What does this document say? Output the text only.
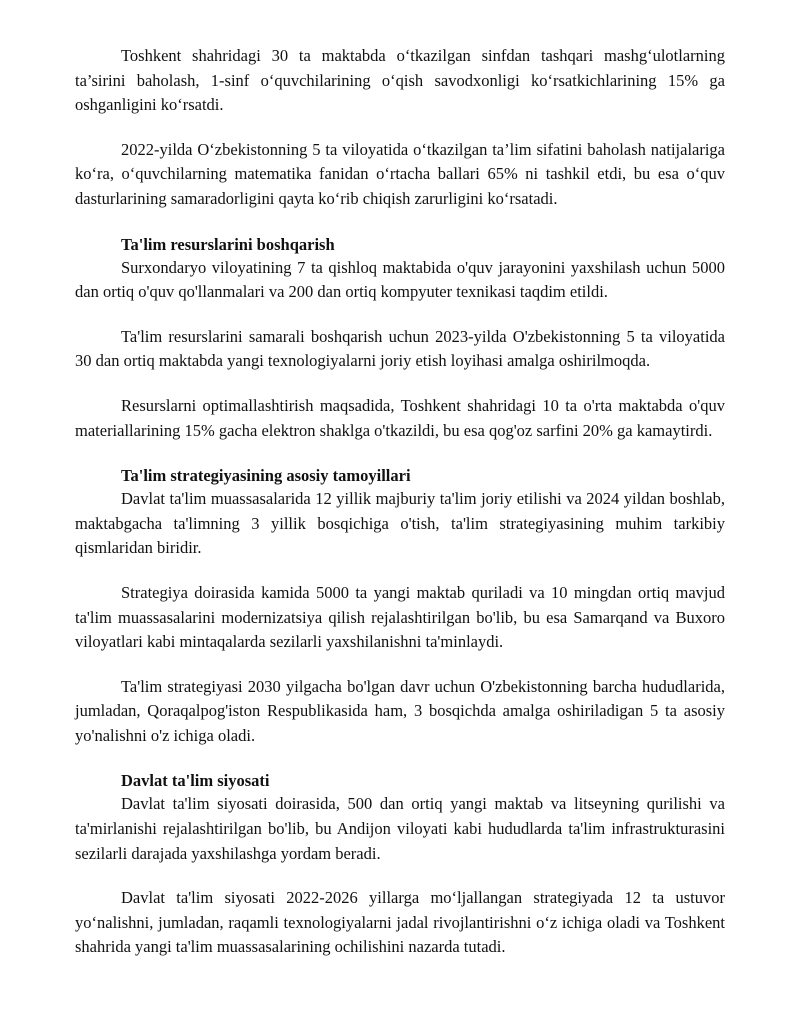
Toshkent shahridagi 30 ta maktabda o‘tkazilgan sinfdan tashqari mashg‘ulotlarning ta’sirini baholash, 1-sinf o‘quvchilarining o‘qish savodxonligi ko‘rsatkichlarining 15% ga oshganligini ko‘rsatdi.

2022-yilda O‘zbekistonning 5 ta viloyatida o‘tkazilgan ta’lim sifatini baholash natijalariga ko‘ra, o‘quvchilarning matematika fanidan o‘rtacha ballari 65% ni tashkil etdi, bu esa o‘quv dasturlarining samaradorligini qayta ko‘rib chiqish zarurligini ko‘rsatadi.

Ta'lim resurslarini boshqarish

Surxondaryo viloyatining 7 ta qishloq maktabida o'quv jarayonini yaxshilash uchun 5000 dan ortiq o'quv qo'llanmalari va 200 dan ortiq kompyuter texnikasi taqdim etildi.

Ta'lim resurslarini samarali boshqarish uchun 2023-yilda O'zbekistonning 5 ta viloyatida 30 dan ortiq maktabda yangi texnologiyalarni joriy etish loyihasi amalga oshirilmoqda.

Resurslarni optimallashtirish maqsadida, Toshkent shahridagi 10 ta o'rta maktabda o'quv materiallarining 15% gacha elektron shaklga o'tkazildi, bu esa qog'oz sarfini 20% ga kamaytirdi.

Ta'lim strategiyasining asosiy tamoyillari

Davlat ta'lim muassasalarida 12 yillik majburiy ta'lim joriy etilishi va 2024 yildan boshlab, maktabgacha ta'limning 3 yillik bosqichiga o'tish, ta'lim strategiyasining muhim tarkibiy qismlaridan biridir.

Strategiya doirasida kamida 5000 ta yangi maktab quriladi va 10 mingdan ortiq mavjud ta'lim muassasalarini modernizatsiya qilish rejalashtirilgan bo'lib, bu esa Samarqand va Buxoro viloyatlari kabi mintaqalarda sezilarli yaxshilanishni ta'minlaydi.

Ta'lim strategiyasi 2030 yilgacha bo'lgan davr uchun O'zbekistonning barcha hududlarida, jumladan, Qoraqalpog'iston Respublikasida ham, 3 bosqichda amalga oshiriladigan 5 ta asosiy yo'nalishni o'z ichiga oladi.

Davlat ta'lim siyosati

Davlat ta'lim siyosati doirasida, 500 dan ortiq yangi maktab va litseyning qurilishi va ta'mirlanishi rejalashtirilgan bo'lib, bu Andijon viloyati kabi hududlarda ta'lim infrastrukturasini sezilarli darajada yaxshilashga yordam beradi.

Davlat ta'lim siyosati 2022-2026 yillarga mo‘ljallangan strategiyada 12 ta ustuvor yo‘nalishni, jumladan, raqamli texnologiyalarni jadal rivojlantirishni o‘z ichiga oladi va Toshkent shahrida yangi ta'lim muassasalarining ochilishini nazarda tutadi.
